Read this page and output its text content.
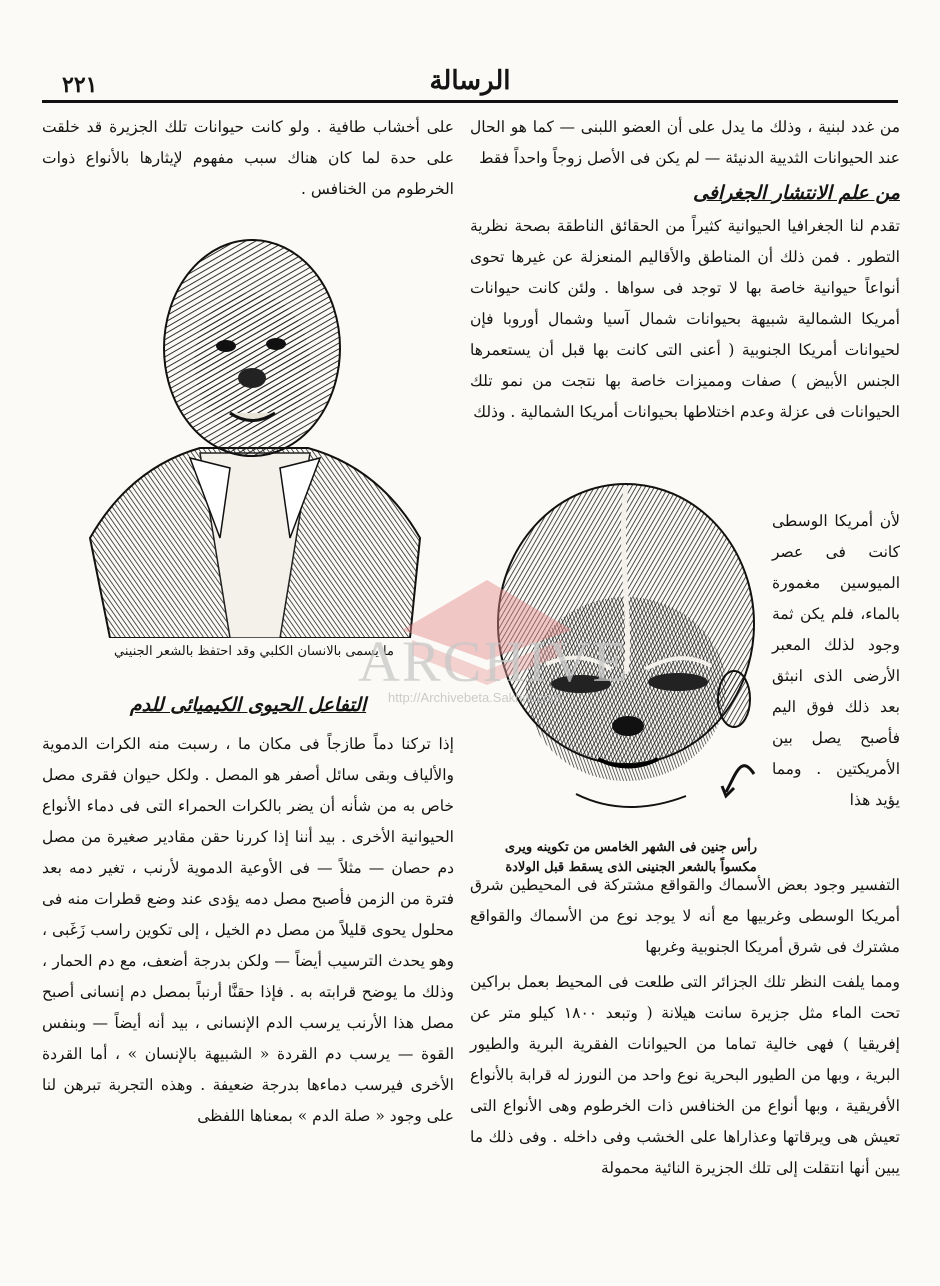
٢٢١	الرسالة

من غدد لبنية ، وذلك ما يدل على أن العضو اللبنى — كما هو الحال عند الحيوانات الثديية الدنيئة — لم يكن فى الأصل زوجاً واحداً فقط

من علم الانتشار الجغرافى

تقدم لنا الجغرافيا الحيوانية كثيراً من الحقائق الناطقة بصحة نظرية التطور . فمن ذلك أن المناطق والأقاليم المنعزلة عن غيرها تحوى أنواعاً حيوانية خاصة بها لا توجد فى سواها . ولئن كانت حيوانات أمريكا الشمالية شبيهة بحيوانات شمال آسيا وشمال أوروبا فإن لحيوانات أمريكا الجنوبية ( أعنى التى كانت بها قبل أن يستعمرها الجنس الأبيض ) صفات ومميزات خاصة بها نتجت من نمو تلك الحيوانات فى عزلة وعدم اختلاطها بحيوانات أمريكا الشمالية . وذلك

رأس جنين فى الشهر الخامس من تكوينه ويرى مكسواً بالشعر الجنينى الذى يسقط قبل الولادة
لأن أمريكا الوسطى كانت فى عصر الميوسين مغمورة بالماء، فلم يكن ثمة وجود لذلك المعبر الأرضى الذى انبثق بعد ذلك فوق اليم فأصبح يصل بين الأمريكتين . ومما يؤيد هذا

التفسير وجود بعض الأسماك والقواقع مشتركة فى المحيطين شرق أمريكا الوسطى وغربيها مع أنه لا يوجد نوع من الأسماك والقواقع مشترك فى شرق أمريكا الجنوبية وغربها

ومما يلفت النظر تلك الجزائر التى طلعت فى المحيط بعمل براكين تحت الماء مثل جزيرة سانت هيلانة ( وتبعد ١٨٠٠ كيلو متر عن إفريقيا ) فهى خالية تماما من الحيوانات الفقرية البرية والطيور البرية ، وبها من الطيور البحرية نوع واحد من النورز له قرابة بالأنواع الأفريقية ، وبها أنواع من الخنافس ذات الخرطوم وهى الأنواع التى تعيش هى ويرقاتها وعذاراها على الخشب وفى داخله . وفى ذلك ما يبين أنها انتقلت إلى تلك الجزيرة النائية محمولة

على أخشاب طافية . ولو كانت حيوانات تلك الجزيرة قد خلقت على حدة لما كان هناك سبب مفهوم لإيثارها بالأنواع ذوات الخرطوم من الخنافس .

ما يسمى بالانسان الكلبي وقد احتفظ بالشعر الجنيني
التفاعل الحيوى الكيميائى للدم

إذا تركنا دماً طازجاً فى مكان ما ، رسبت منه الكرات الدموية والألياف وبقى سائل أصفر هو المصل . ولكل حيوان فقرى مصل خاص به من شأنه أن يضر بالكرات الحمراء التى فى دماء الأنواع الحيوانية الأخرى . بيد أننا إذا كررنا حقن مقادير صغيرة من مصل دم حصان — مثلاً — فى الأوعية الدموية لأرنب ، تغير دمه بعد فترة من الزمن فأصبح مصل دمه يؤدى عند وضع قطرات منه فى محلول يحوى قليلاً من مصل دم الخيل ، إلى تكوين راسب زَغَبى ، وهو يحدث الترسيب أيضاً — ولكن بدرجة أضعف، مع دم الحمار ، وذلك ما يوضح قرابته به . فإذا حقنَّا أرنباً بمصل دم إنسانى أصبح مصل هذا الأرنب يرسب الدم الإنسانى ، بيد أنه أيضاً — وبنفس القوة — يرسب دم القردة « الشبيهة بالإنسان » ، أما القردة الأخرى فيرسب دماءها بدرجة ضعيفة . وهذه التجربة تبرهن لنا على وجود « صلة الدم » بمعناها اللفظى

ARCHIVE
http://Archivebeta.Sakhrit.com
